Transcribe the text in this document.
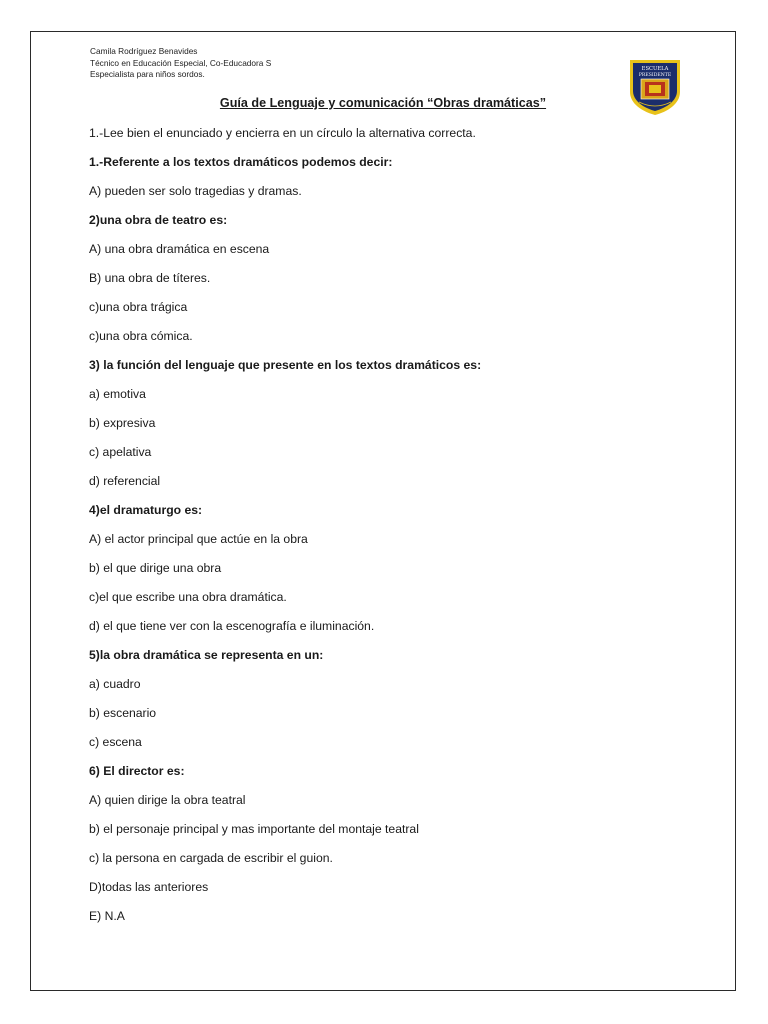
Camila Rodríguez Benavides
Técnico en Educación Especial, Co-Educadora S
Especialista para niños sordos.	ESCUELA
PRESIDENTE
Guía de Lenguaje y comunicación “Obras dramáticas”
1.-Lee bien el enunciado y encierra en un círculo la alternativa correcta.
1.-Referente a los textos dramáticos podemos decir:
A) pueden ser solo tragedias y dramas.
2)una obra de teatro es:
A) una obra dramática en escena
B) una obra de títeres.
c)una obra trágica
c)una obra cómica.
3) la función del lenguaje que presente en los textos dramáticos es:
a) emotiva
b) expresiva
c) apelativa
d) referencial
4)el dramaturgo es:
A) el actor principal que actúe en la obra
b) el que dirige una obra
c)el que escribe una obra dramática.
d) el que tiene ver con la escenografía e iluminación.
5)la obra dramática se representa en un:
a) cuadro
b) escenario
c) escena
6) El director es:
A) quien dirige la obra teatral
b) el personaje principal y mas importante del montaje teatral
c) la persona en cargada de escribir el guion.
D)todas las anteriores
E) N.A
